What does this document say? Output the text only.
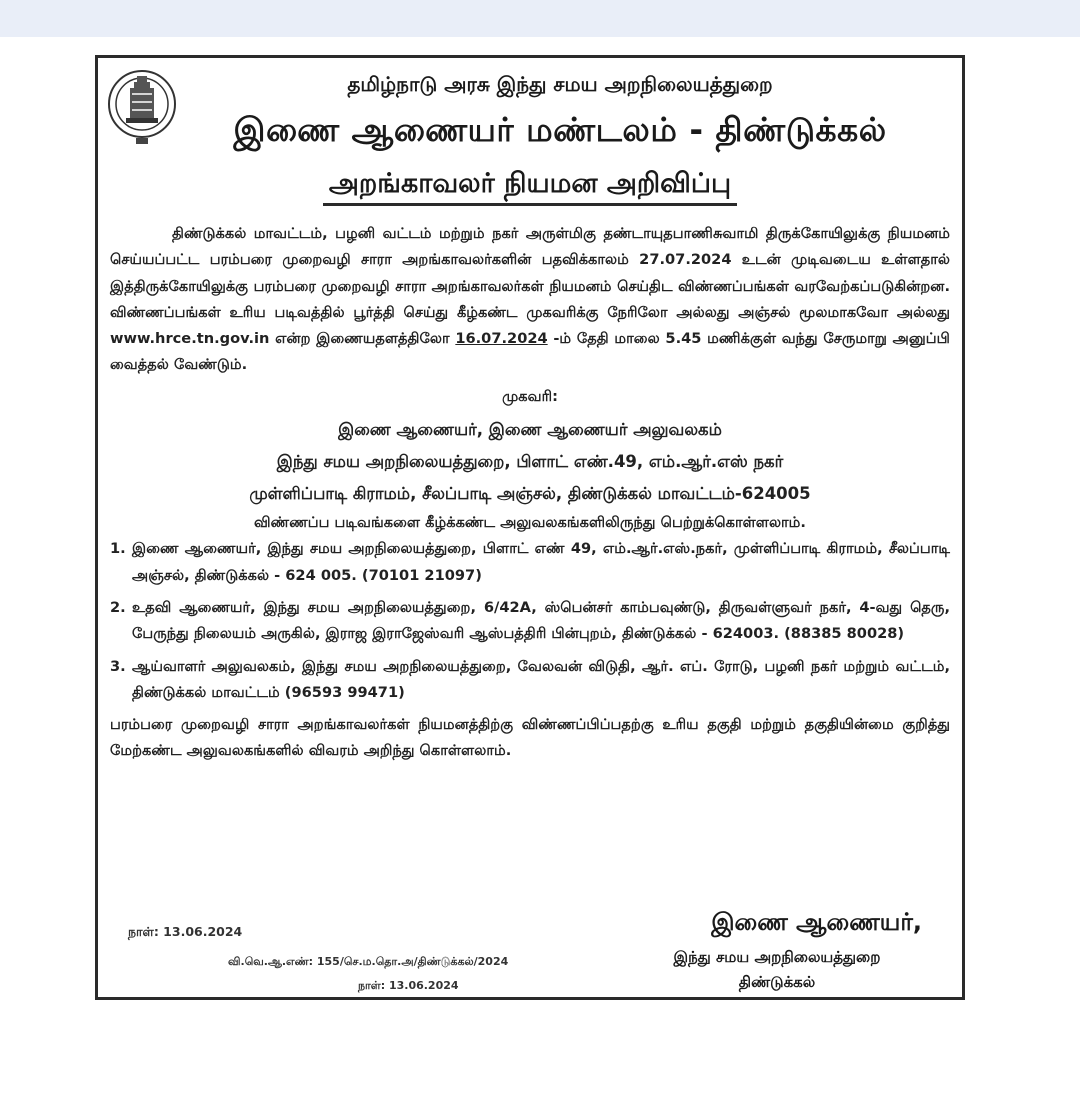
தமிழ்நாடு அரசு இந்து சமய அறநிலையத்துறை
இணை ஆணையர் மண்டலம் - திண்டுக்கல்
அறங்காவலர் நியமன அறிவிப்பு

திண்டுக்கல் மாவட்டம், பழனி வட்டம் மற்றும் நகர் அருள்மிகு தண்டாயுதபாணிசுவாமி திருக்கோயிலுக்கு நியமனம் செய்யப்பட்ட பரம்பரை முறைவழி சாரா அறங்காவலர்களின் பதவிக்காலம் 27.07.2024 உடன் முடிவடைய உள்ளதால் இத்திருக்கோயிலுக்கு பரம்பரை முறைவழி சாரா அறங்காவலர்கள் நியமனம் செய்திட விண்ணப்பங்கள் வரவேற்கப்படுகின்றன. விண்ணப்பங்கள் உரிய படிவத்தில் பூர்த்தி செய்து கீழ்கண்ட முகவரிக்கு நேரிலோ அல்லது அஞ்சல் மூலமாகவோ அல்லது www.hrce.tn.gov.in என்ற இணையதளத்திலோ 16.07.2024 -ம் தேதி மாலை 5.45 மணிக்குள் வந்து சேருமாறு அனுப்பி வைத்தல் வேண்டும்.

முகவரி:

இணை ஆணையர், இணை ஆணையர் அலுவலகம்
இந்து சமய அறநிலையத்துறை, பிளாட் எண்.49, எம்.ஆர்.எஸ் நகர்
முள்ளிப்பாடி கிராமம், சீலப்பாடி அஞ்சல், திண்டுக்கல் மாவட்டம்-624005

விண்ணப்ப படிவங்களை கீழ்க்கண்ட அலுவலகங்களிலிருந்து பெற்றுக்கொள்ளலாம்.

1. இணை ஆணையர், இந்து சமய அறநிலையத்துறை, பிளாட் எண் 49, எம்.ஆர்.எஸ்.நகர், முள்ளிப்பாடி கிராமம், சீலப்பாடி அஞ்சல், திண்டுக்கல் - 624 005. (70101 21097)
2. உதவி ஆணையர், இந்து சமய அறநிலையத்துறை, 6/42A, ஸ்பென்சர் காம்பவுண்டு, திருவள்ளுவர் நகர், 4-வது தெரு, பேருந்து நிலையம் அருகில், இராஜ இராஜேஸ்வரி ஆஸ்பத்திரி பின்புறம், திண்டுக்கல் - 624003. (88385 80028)
3. ஆய்வாளர் அலுவலகம், இந்து சமய அறநிலையத்துறை, வேலவன் விடுதி, ஆர். எப். ரோடு, பழனி நகர் மற்றும் வட்டம், திண்டுக்கல் மாவட்டம் (96593 99471)

பரம்பரை முறைவழி சாரா அறங்காவலர்கள் நியமனத்திற்கு விண்ணப்பிப்பதற்கு உரிய தகுதி மற்றும் தகுதியின்மை குறித்து மேற்கண்ட அலுவலகங்களில் விவரம் அறிந்து கொள்ளலாம்.

நாள்: 13.06.2024
வி.வெ.ஆ.எண்: 155/செ.ம.தொ.அ/திண்டுக்கல்/2024
நாள்: 13.06.2024
இணை ஆணையர்,
இந்து சமய அறநிலையத்துறை
திண்டுக்கல்
